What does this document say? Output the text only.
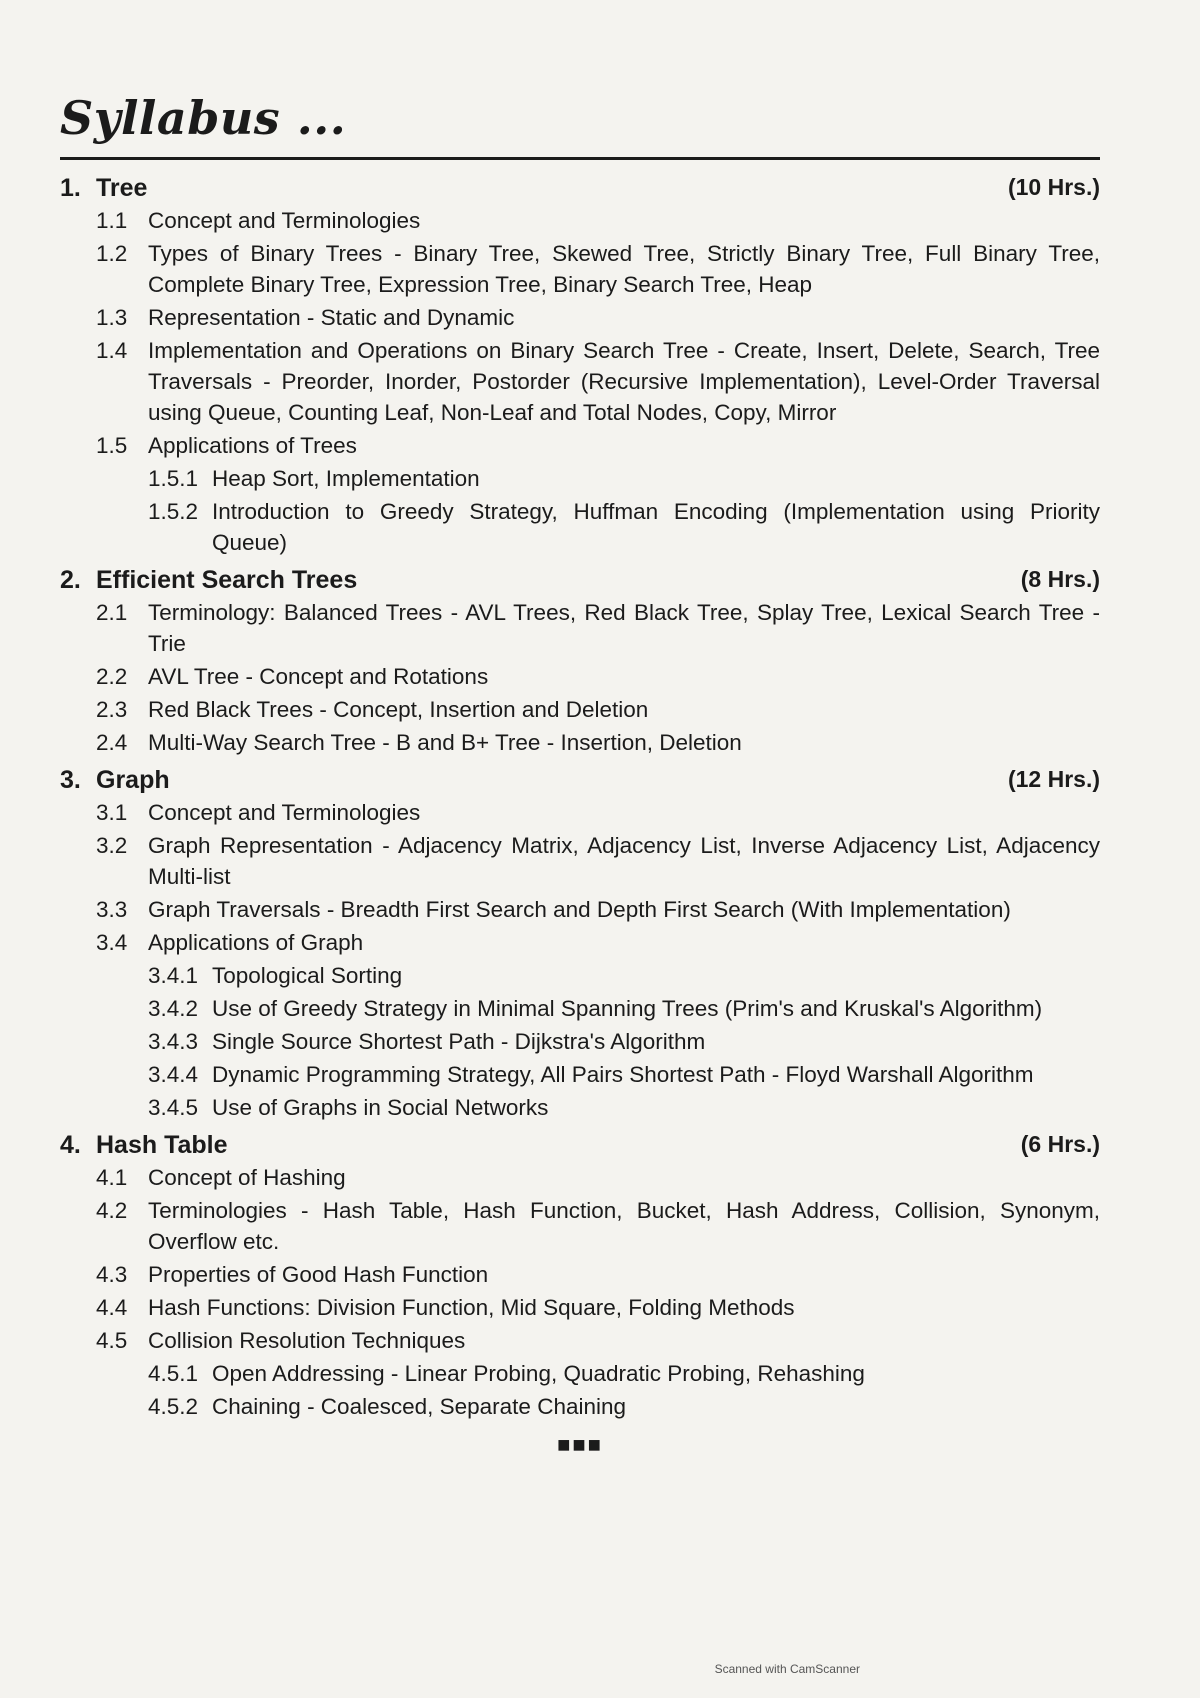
Syllabus ...
1. Tree	(10 Hrs.)
1.1 Concept and Terminologies
1.2 Types of Binary Trees - Binary Tree, Skewed Tree, Strictly Binary Tree, Full Binary Tree, Complete Binary Tree, Expression Tree, Binary Search Tree, Heap
1.3 Representation - Static and Dynamic
1.4 Implementation and Operations on Binary Search Tree - Create, Insert, Delete, Search, Tree Traversals - Preorder, Inorder, Postorder (Recursive Implementation), Level-Order Traversal using Queue, Counting Leaf, Non-Leaf and Total Nodes, Copy, Mirror
1.5 Applications of Trees
1.5.1 Heap Sort, Implementation
1.5.2 Introduction to Greedy Strategy, Huffman Encoding (Implementation using Priority Queue)
2. Efficient Search Trees	(8 Hrs.)
2.1 Terminology: Balanced Trees - AVL Trees, Red Black Tree, Splay Tree, Lexical Search Tree -Trie
2.2 AVL Tree - Concept and Rotations
2.3 Red Black Trees - Concept, Insertion and Deletion
2.4 Multi-Way Search Tree - B and B+ Tree - Insertion, Deletion
3. Graph	(12 Hrs.)
3.1 Concept and Terminologies
3.2 Graph Representation - Adjacency Matrix, Adjacency List, Inverse Adjacency List, Adjacency Multi-list
3.3 Graph Traversals - Breadth First Search and Depth First Search (With Implementation)
3.4 Applications of Graph
3.4.1 Topological Sorting
3.4.2 Use of Greedy Strategy in Minimal Spanning Trees (Prim's and Kruskal's Algorithm)
3.4.3 Single Source Shortest Path - Dijkstra's Algorithm
3.4.4 Dynamic Programming Strategy, All Pairs Shortest Path - Floyd Warshall Algorithm
3.4.5 Use of Graphs in Social Networks
4. Hash Table	(6 Hrs.)
4.1 Concept of Hashing
4.2 Terminologies - Hash Table, Hash Function, Bucket, Hash Address, Collision, Synonym, Overflow etc.
4.3 Properties of Good Hash Function
4.4 Hash Functions: Division Function, Mid Square, Folding Methods
4.5 Collision Resolution Techniques
4.5.1 Open Addressing - Linear Probing, Quadratic Probing, Rehashing
4.5.2 Chaining - Coalesced, Separate Chaining
■■■
Scanned with CamScanner
